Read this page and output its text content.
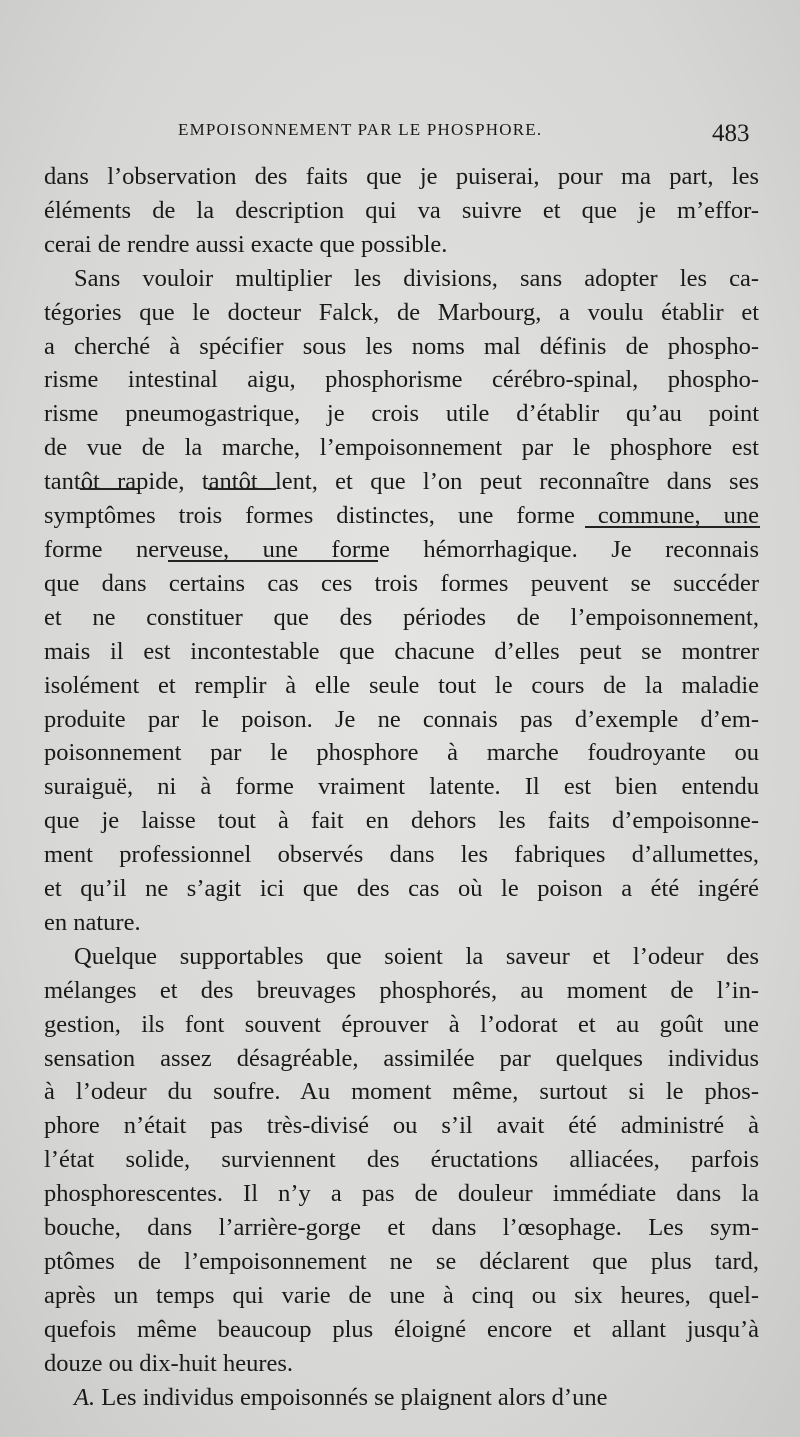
EMPOISONNEMENT PAR LE PHOSPHORE.	483
dans l’observation des faits que je puiserai, pour ma part, les
éléments de la description qui va suivre et que je m’effor-
cerai de rendre aussi exacte que possible.
Sans vouloir multiplier les divisions, sans adopter les ca-
tégories que le docteur Falck, de Marbourg, a voulu établir et
a cherché à spécifier sous les noms mal définis de phospho-
risme intestinal aigu, phosphorisme cérébro-spinal, phospho-
risme pneumogastrique, je crois utile d’établir qu’au point
de vue de la marche, l’empoisonnement par le phosphore est
tantôt rapide, tantôt lent, et que l’on peut reconnaître dans ses
symptômes trois formes distinctes, une forme commune, une
forme nerveuse, une forme hémorrhagique. Je reconnais
que dans certains cas ces trois formes peuvent se succéder
et ne constituer que des périodes de l’empoisonnement,
mais il est incontestable que chacune d’elles peut se montrer
isolément et remplir à elle seule tout le cours de la maladie
produite par le poison. Je ne connais pas d’exemple d’em-
poisonnement par le phosphore à marche foudroyante ou
suraiguë, ni à forme vraiment latente. Il est bien entendu
que je laisse tout à fait en dehors les faits d’empoisonne-
ment professionnel observés dans les fabriques d’allumettes,
et qu’il ne s’agit ici que des cas où le poison a été ingéré
en nature.
Quelque supportables que soient la saveur et l’odeur des
mélanges et des breuvages phosphorés, au moment de l’in-
gestion, ils font souvent éprouver à l’odorat et au goût une
sensation assez désagréable, assimilée par quelques individus
à l’odeur du soufre. Au moment même, surtout si le phos-
phore n’était pas très-divisé ou s’il avait été administré à
l’état solide, surviennent des éructations alliacées, parfois
phosphorescentes. Il n’y a pas de douleur immédiate dans la
bouche, dans l’arrière-gorge et dans l’œsophage. Les sym-
ptômes de l’empoisonnement ne se déclarent que plus tard,
après un temps qui varie de une à cinq ou six heures, quel-
quefois même beaucoup plus éloigné encore et allant jusqu’à
douze ou dix-huit heures.
A. Les individus empoisonnés se plaignent alors d’une
